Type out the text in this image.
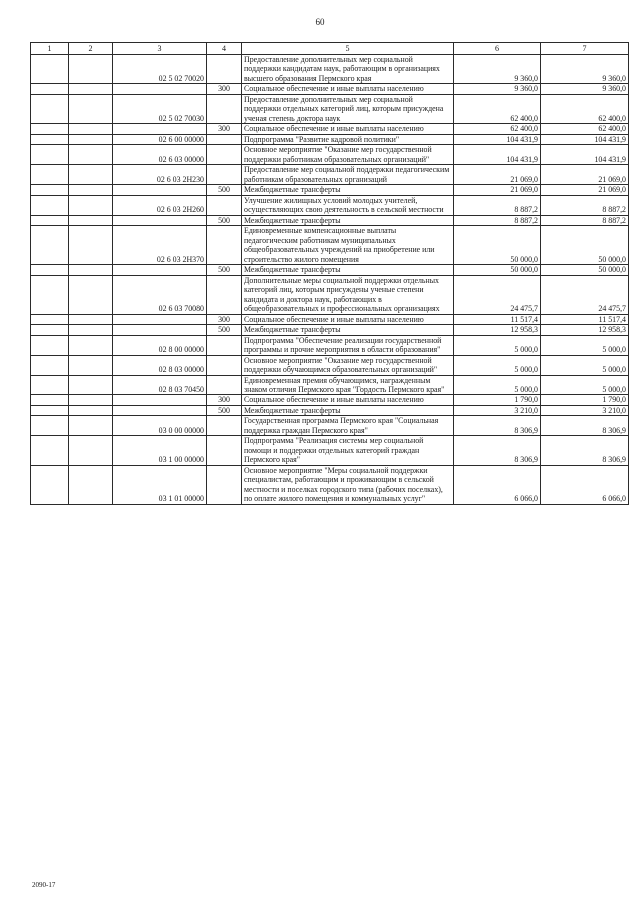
60
1	2	3	4	5	6	7
		02 5 02 70020		Предоставление дополнительных мер социальной поддержки кандидатам наук, работающим в организациях высшего образования Пермского края	9 360,0	9 360,0
			300	Социальное обеспечение и иные выплаты населению	9 360,0	9 360,0
		02 5 02 70030		Предоставление дополнительных мер социальной поддержки отдельных категорий лиц, которым присуждена ученая степень доктора наук	62 400,0	62 400,0
			300	Социальное обеспечение и иные выплаты населению	62 400,0	62 400,0
		02 6 00 00000		Подпрограмма "Развитие кадровой политики"	104 431,9	104 431,9
		02 6 03 00000		Основное мероприятие "Оказание мер государственной поддержки работникам образовательных организаций"	104 431,9	104 431,9
		02 6 03 2Н230		Предоставление мер социальной поддержки педагогическим работникам образовательных организаций	21 069,0	21 069,0
			500	Межбюджетные трансферты	21 069,0	21 069,0
		02 6 03 2Н260		Улучшение жилищных условий молодых учителей, осуществляющих свою деятельность в сельской местности	8 887,2	8 887,2
			500	Межбюджетные трансферты	8 887,2	8 887,2
		02 6 03 2Н370		Единовременные компенсационные выплаты педагогическим работникам муниципальных общеобразовательных учреждений на приобретение или строительство жилого помещения	50 000,0	50 000,0
			500	Межбюджетные трансферты	50 000,0	50 000,0
		02 6 03 70080		Дополнительные меры социальной поддержки отдельных категорий лиц, которым присуждены ученые степени кандидата и доктора наук, работающих в общеобразовательных и профессиональных организациях	24 475,7	24 475,7
			300	Социальное обеспечение и иные выплаты населению	11 517,4	11 517,4
			500	Межбюджетные трансферты	12 958,3	12 958,3
		02 8 00 00000		Подпрограмма "Обеспечение реализации государственной программы и прочие мероприятия в области образования"	5 000,0	5 000,0
		02 8 03 00000		Основное мероприятие "Оказание мер государственной поддержки обучающимся образовательных организаций"	5 000,0	5 000,0
		02 8 03 70450		Единовременная премия обучающимся, награжденным знаком отличия Пермского края "Гордость Пермского края"	5 000,0	5 000,0
			300	Социальное обеспечение и иные выплаты населению	1 790,0	1 790,0
			500	Межбюджетные трансферты	3 210,0	3 210,0
		03 0 00 00000		Государственная программа Пермского края "Социальная поддержка граждан Пермского края"	8 306,9	8 306,9
		03 1 00 00000		Подпрограмма "Реализация системы мер социальной помощи и поддержки отдельных категорий граждан Пермского края"	8 306,9	8 306,9
		03 1 01 00000		Основное мероприятие "Меры социальной поддержки специалистам, работающим и проживающим в сельской местности и поселках городского типа (рабочих поселках), по оплате жилого помещения и коммунальных услуг"	6 066,0	6 066,0
2090-17
